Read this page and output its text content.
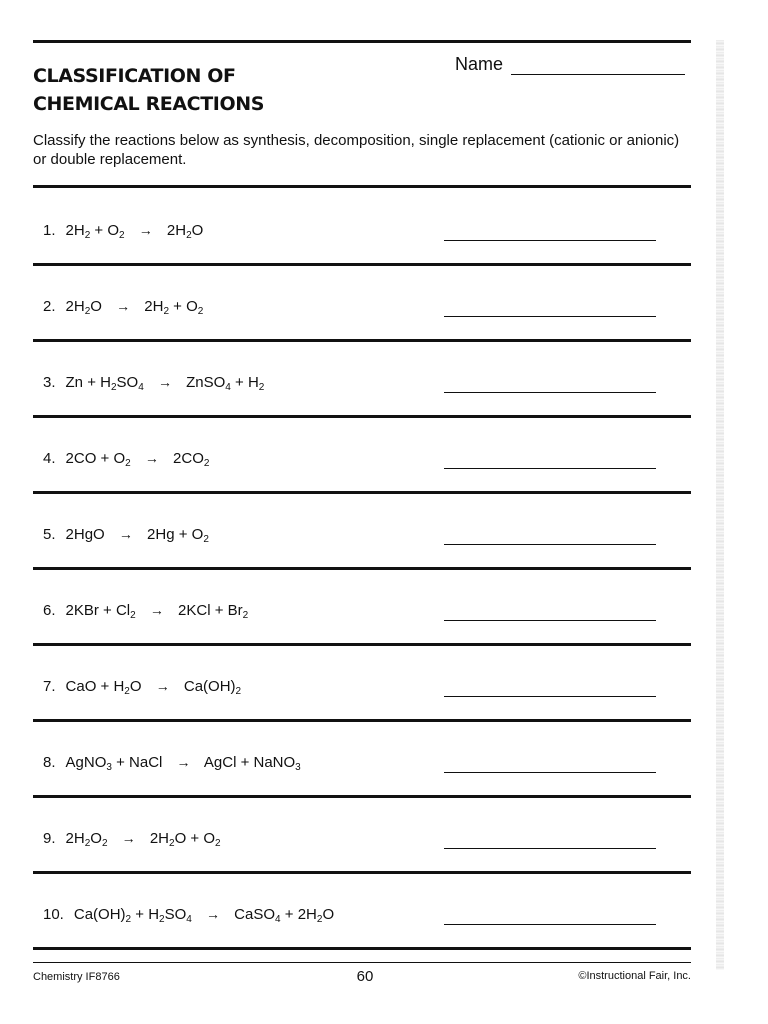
CLASSIFICATION OF
CHEMICAL REACTIONS
Name
Classify the reactions below as synthesis, decomposition, single replacement (cationic or anionic) or double replacement.
1. $2H_2 + O_2 \to 2H_2O$
2. $2H_2O \to 2H_2 + O_2$
3. $Zn + H_2SO_4$ → ZnSO$_4$ + $H_2$
4. $2CO + O_2 \to 2CO_2$
5. $2HgO \to 2Hg + O_2$
6. $2KBr + Cl_2 \to 2KCl + Br_2$
7. CaO + $H_2O \to Ca(OH)_2$
8. AgNO$_3$ + NaCl → AgCl + NaNO$_3$
9. $2H_2O_2 \to 2H_2O + O_2$
10. $Ca(OH)_2 + H_2SO_4$ → CaSO$_4$ + $2H_2O$
Chemistry IF8766	60	©Instructional Fair, Inc.
